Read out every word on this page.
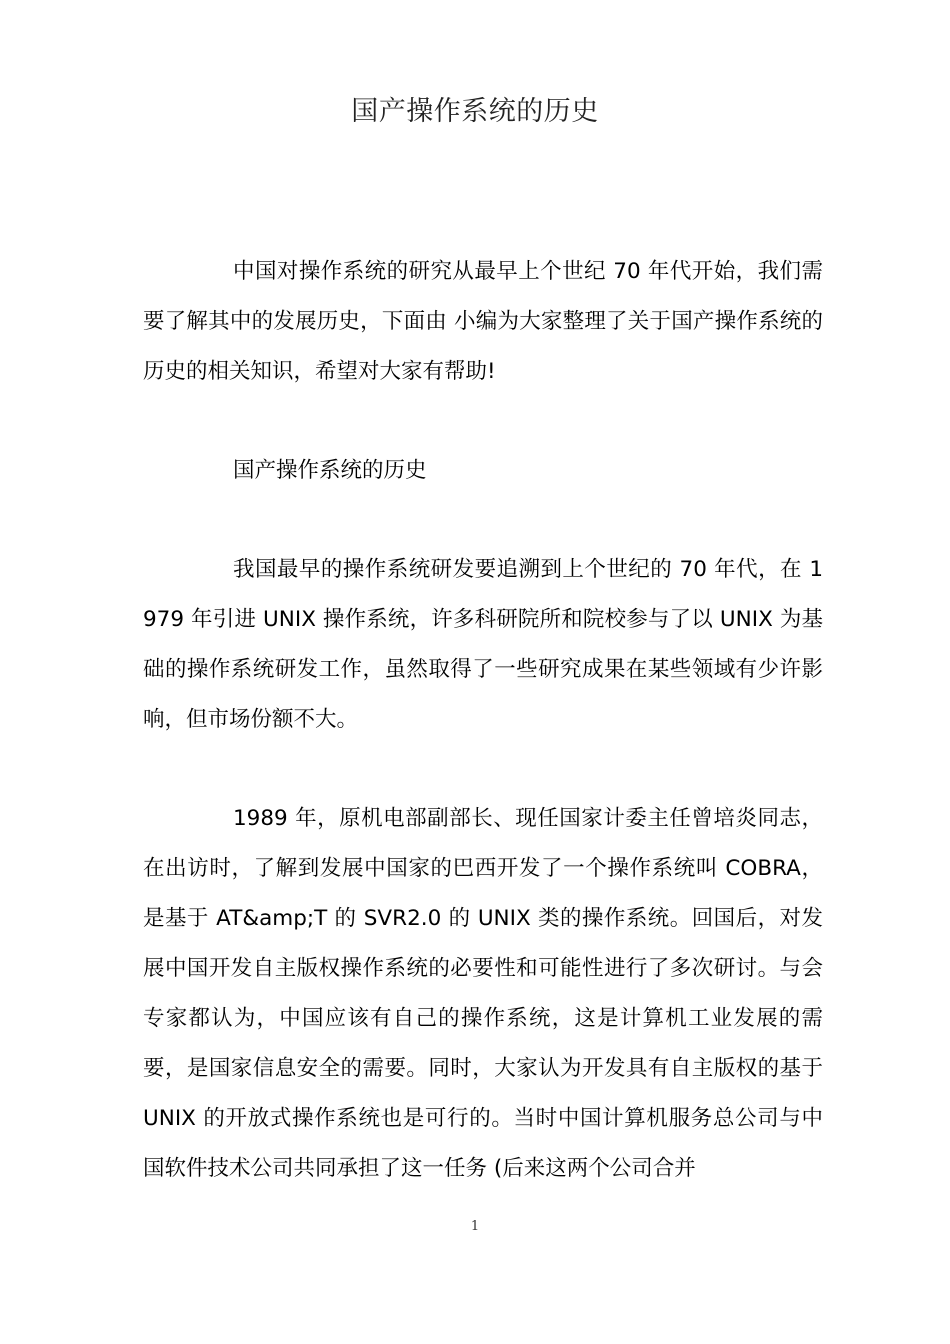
国产操作系统的历史

中国对操作系统的研究从最早上个世纪 70 年代开始，我们需要了解其中的发展历史，下面由 小编为大家整理了关于国产操作系统的历史的相关知识，希望对大家有帮助!

国产操作系统的历史

我国最早的操作系统研发要追溯到上个世纪的 70 年代，在 1979 年引进 UNIX 操作系统，许多科研院所和院校参与了以 UNIX 为基础的操作系统研发工作，虽然取得了一些研究成果在某些领域有少许影响，但市场份额不大。

1989 年，原机电部副部长、现任国家计委主任曾培炎同志，在出访时，了解到发展中国家的巴西开发了一个操作系统叫 COBRA，是基于 AT&amp;T 的 SVR2.0 的 UNIX 类的操作系统。回国后，对发展中国开发自主版权操作系统的必要性和可能性进行了多次研讨。与会专家都认为，中国应该有自己的操作系统，这是计算机工业发展的需要，是国家信息安全的需要。同时，大家认为开发具有自主版权的基于 UNIX 的开放式操作系统也是可行的。当时中国计算机服务总公司与中国软件技术公司共同承担了这一任务 (后来这两个公司合并

1
